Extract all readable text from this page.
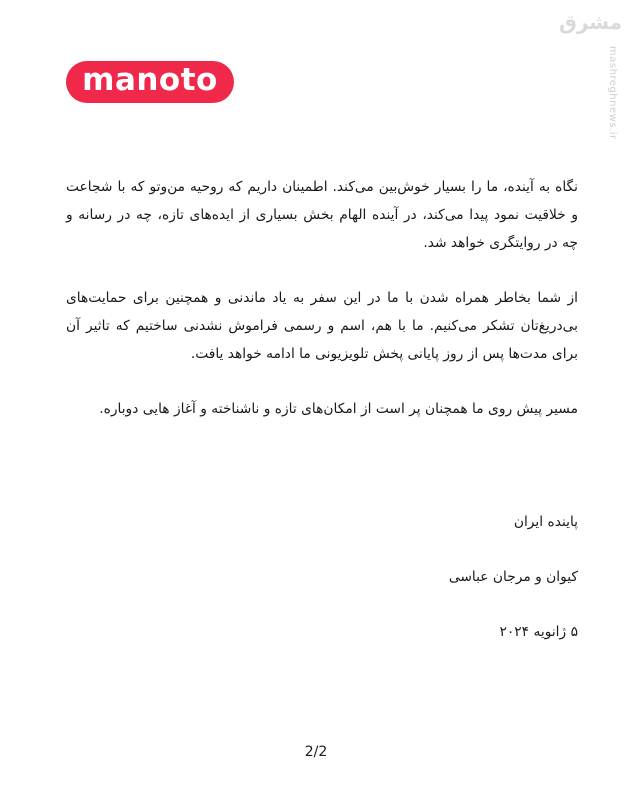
manoto
مشرق
mashreghnews.ir

نگاه به آینده، ما را بسیار خوش‌بین می‌کند. اطمینان داریم که روحیه من‌وتو که با شجاعت و خلاقیت نمود پیدا می‌کند، در آینده الهام بخش بسیاری از ایده‌های تازه، چه در رسانه و چه در روایتگری خواهد شد.

از شما بخاطر همراه شدن با ما در این سفر به یاد ماندنی و همچنین برای حمایت‌های بی‌دریغ‌تان تشکر می‌کنیم. ما با هم، اسم و رسمی فراموش نشدنی ساختیم که تاثیر آن برای مدت‌ها پس از روز پایانی پخش تلویزیونی ما ادامه خواهد یافت.

مسیر پیش روی ما همچنان پر است از امکان‌های تازه و ناشناخته و آغاز هایی دوباره.

پاینده ایران
کیوان و مرجان عباسی
۵ ژانویه ۲۰۲۴
2/2
